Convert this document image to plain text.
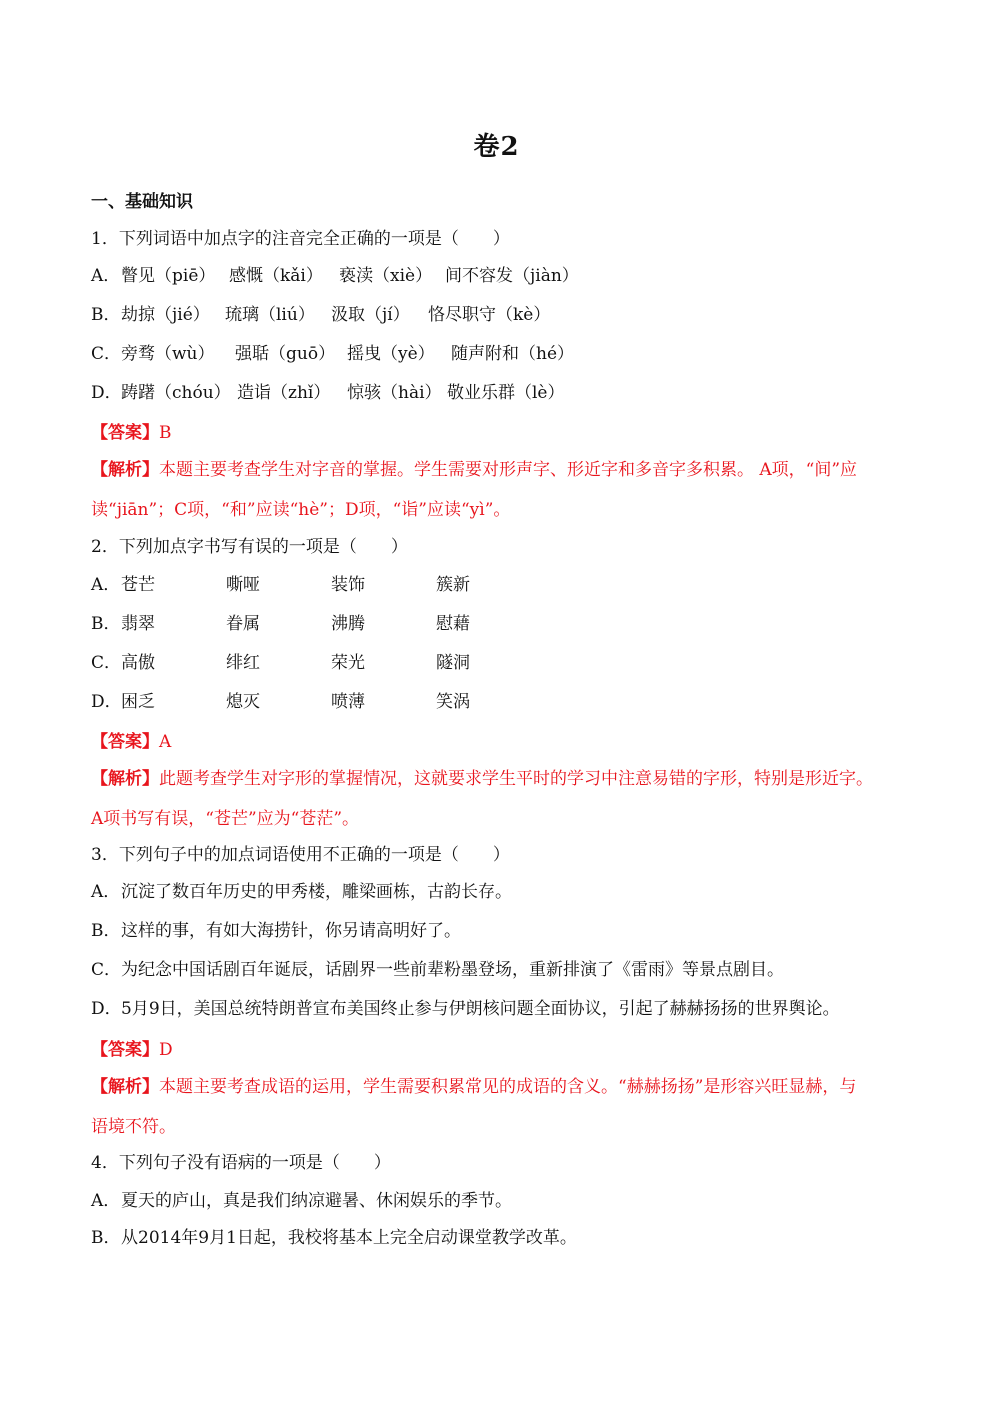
卷2
一、基础知识
1．下列词语中加点字的注音完全正确的一项是（　　）
A．瞥见（piē） 感慨（kǎi） 亵渎（xiè） 间不容发（jiàn）
B．劫掠（jié） 琉璃（liú） 汲取（jí） 恪尽职守（kè）
C．旁骛（wù） 强聒（guō） 摇曳（yè） 随声附和（hé）
D．踌躇（chóu） 造诣（zhǐ） 惊骇（hài） 敬业乐群（lè）
【答案】B
【解析】本题主要考查学生对字音的掌握。学生需要对形声字、形近字和多音字多积累。 A项，“间”应
读“jiān”；C项，“和”应读“hè”；D项，“诣”应读“yì”。
2．下列加点字书写有误的一项是（　　）
A．苍芒	嘶哑	装饰	簇新
B．翡翠	眷属	沸腾	慰藉
C．高傲	绯红	荣光	隧洞
D．困乏	熄灭	喷薄	笑涡
【答案】A
【解析】此题考查学生对字形的掌握情况，这就要求学生平时的学习中注意易错的字形，特别是形近字。
A项书写有误，“苍芒”应为“苍茫”。
3．下列句子中的加点词语使用不正确的一项是（　　）
A．沉淀了数百年历史的甲秀楼，雕梁画栋，古韵长存。
B．这样的事，有如大海捞针，你另请高明好了。
C．为纪念中国话剧百年诞辰，话剧界一些前辈粉墨登场，重新排演了《雷雨》等景点剧目。
D．5月9日，美国总统特朗普宣布美国终止参与伊朗核问题全面协议，引起了赫赫扬扬的世界舆论。
【答案】D
【解析】本题主要考查成语的运用，学生需要积累常见的成语的含义。“赫赫扬扬”是形容兴旺显赫，与
语境不符。
4．下列句子没有语病的一项是（　　）
A．夏天的庐山，真是我们纳凉避暑、休闲娱乐的季节。
B．从2014年9月1日起，我校将基本上完全启动课堂教学改革。
